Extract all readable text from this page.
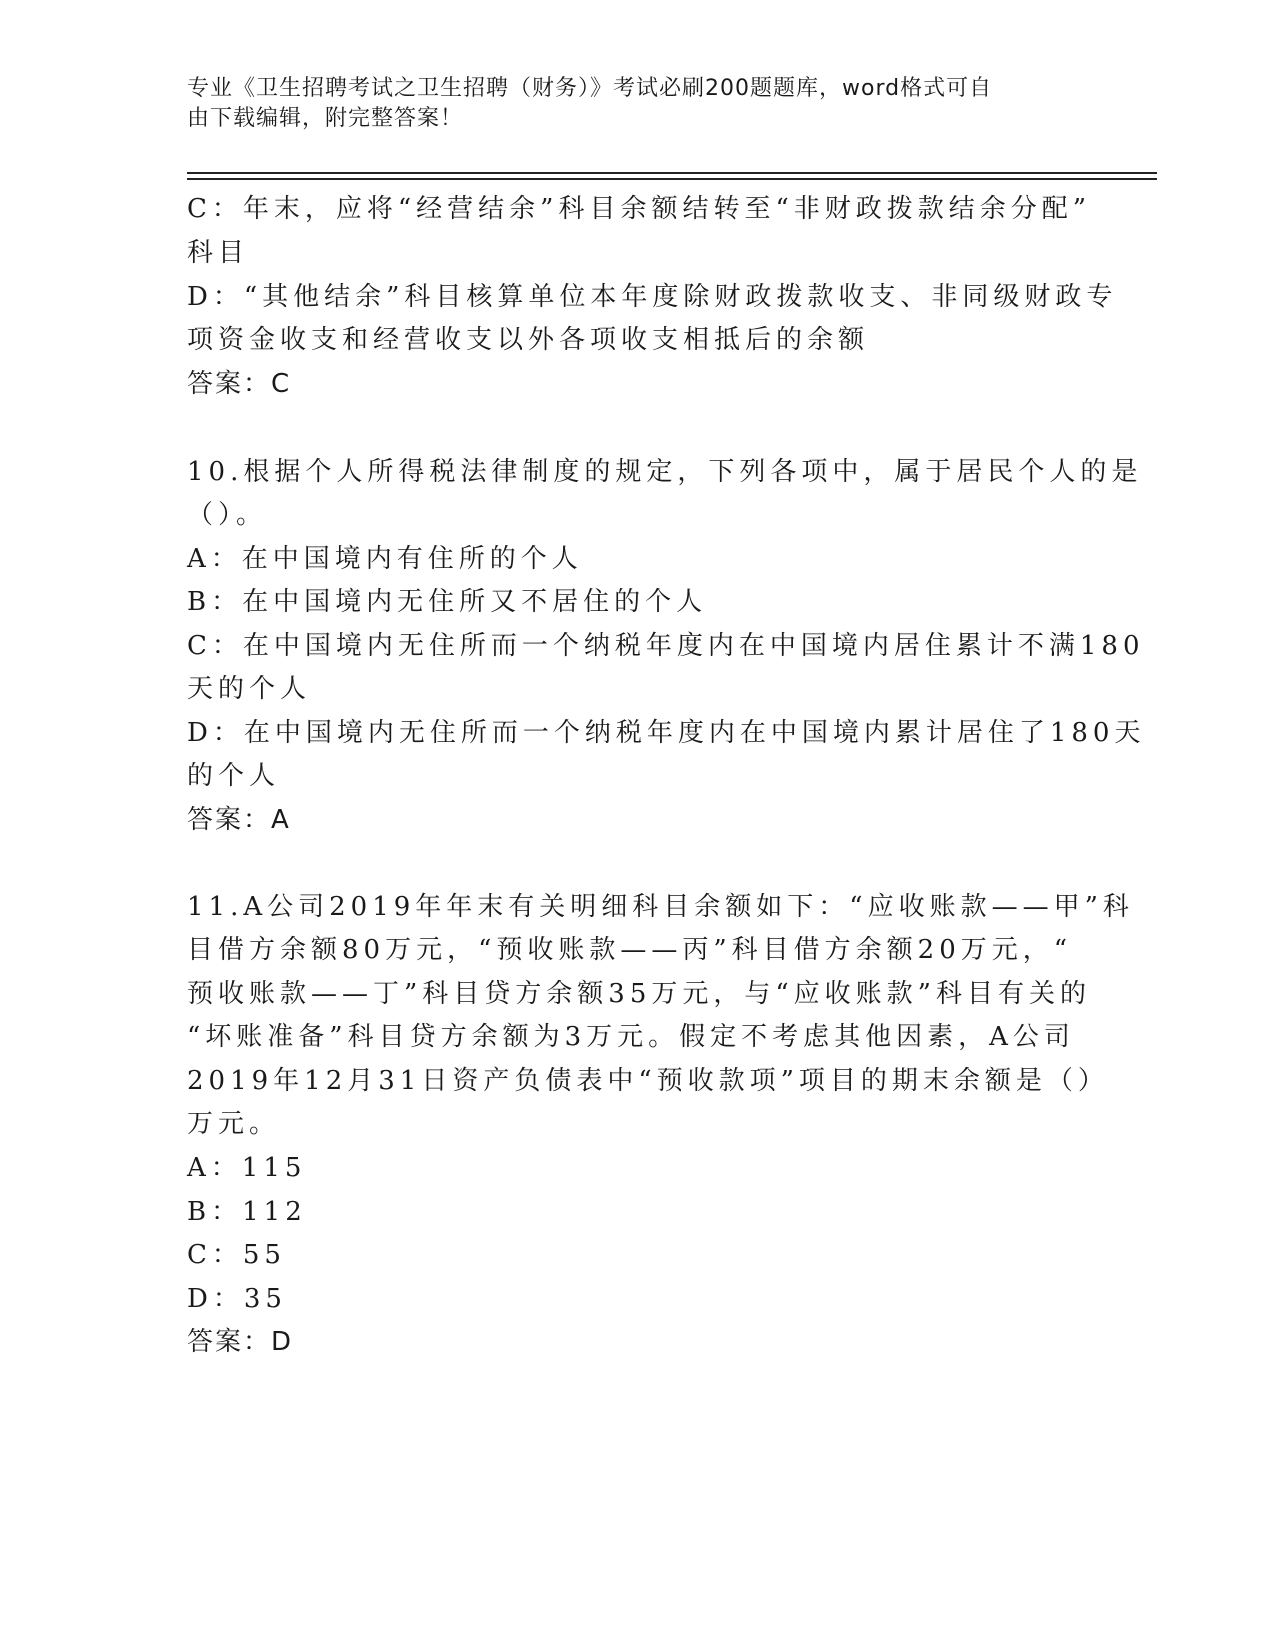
专业《卫生招聘考试之卫生招聘（财务）》考试必刷200题题库，word格式可自
由下载编辑，附完整答案！
C：年末，应将“经营结余”科目余额结转至“非财政拨款结余分配”
科目
D：“其他结余”科目核算单位本年度除财政拨款收支、非同级财政专
项资金收支和经营收支以外各项收支相抵后的余额
答案：C
10.根据个人所得税法律制度的规定，下列各项中，属于居民个人的是
（）。
A：在中国境内有住所的个人
B：在中国境内无住所又不居住的个人
C：在中国境内无住所而一个纳税年度内在中国境内居住累计不满180
天的个人
D：在中国境内无住所而一个纳税年度内在中国境内累计居住了180天
的个人
答案：A
11.A公司2019年年末有关明细科目余额如下：“应收账款——甲”科
目借方余额80万元，“预收账款——丙”科目借方余额20万元，“
预收账款——丁”科目贷方余额35万元，与“应收账款”科目有关的
“坏账准备”科目贷方余额为3万元。假定不考虑其他因素，A公司
2019年12月31日资产负债表中“预收款项”项目的期末余额是（）
万元。
A：115
B：112
C：55
D：35
答案：D
